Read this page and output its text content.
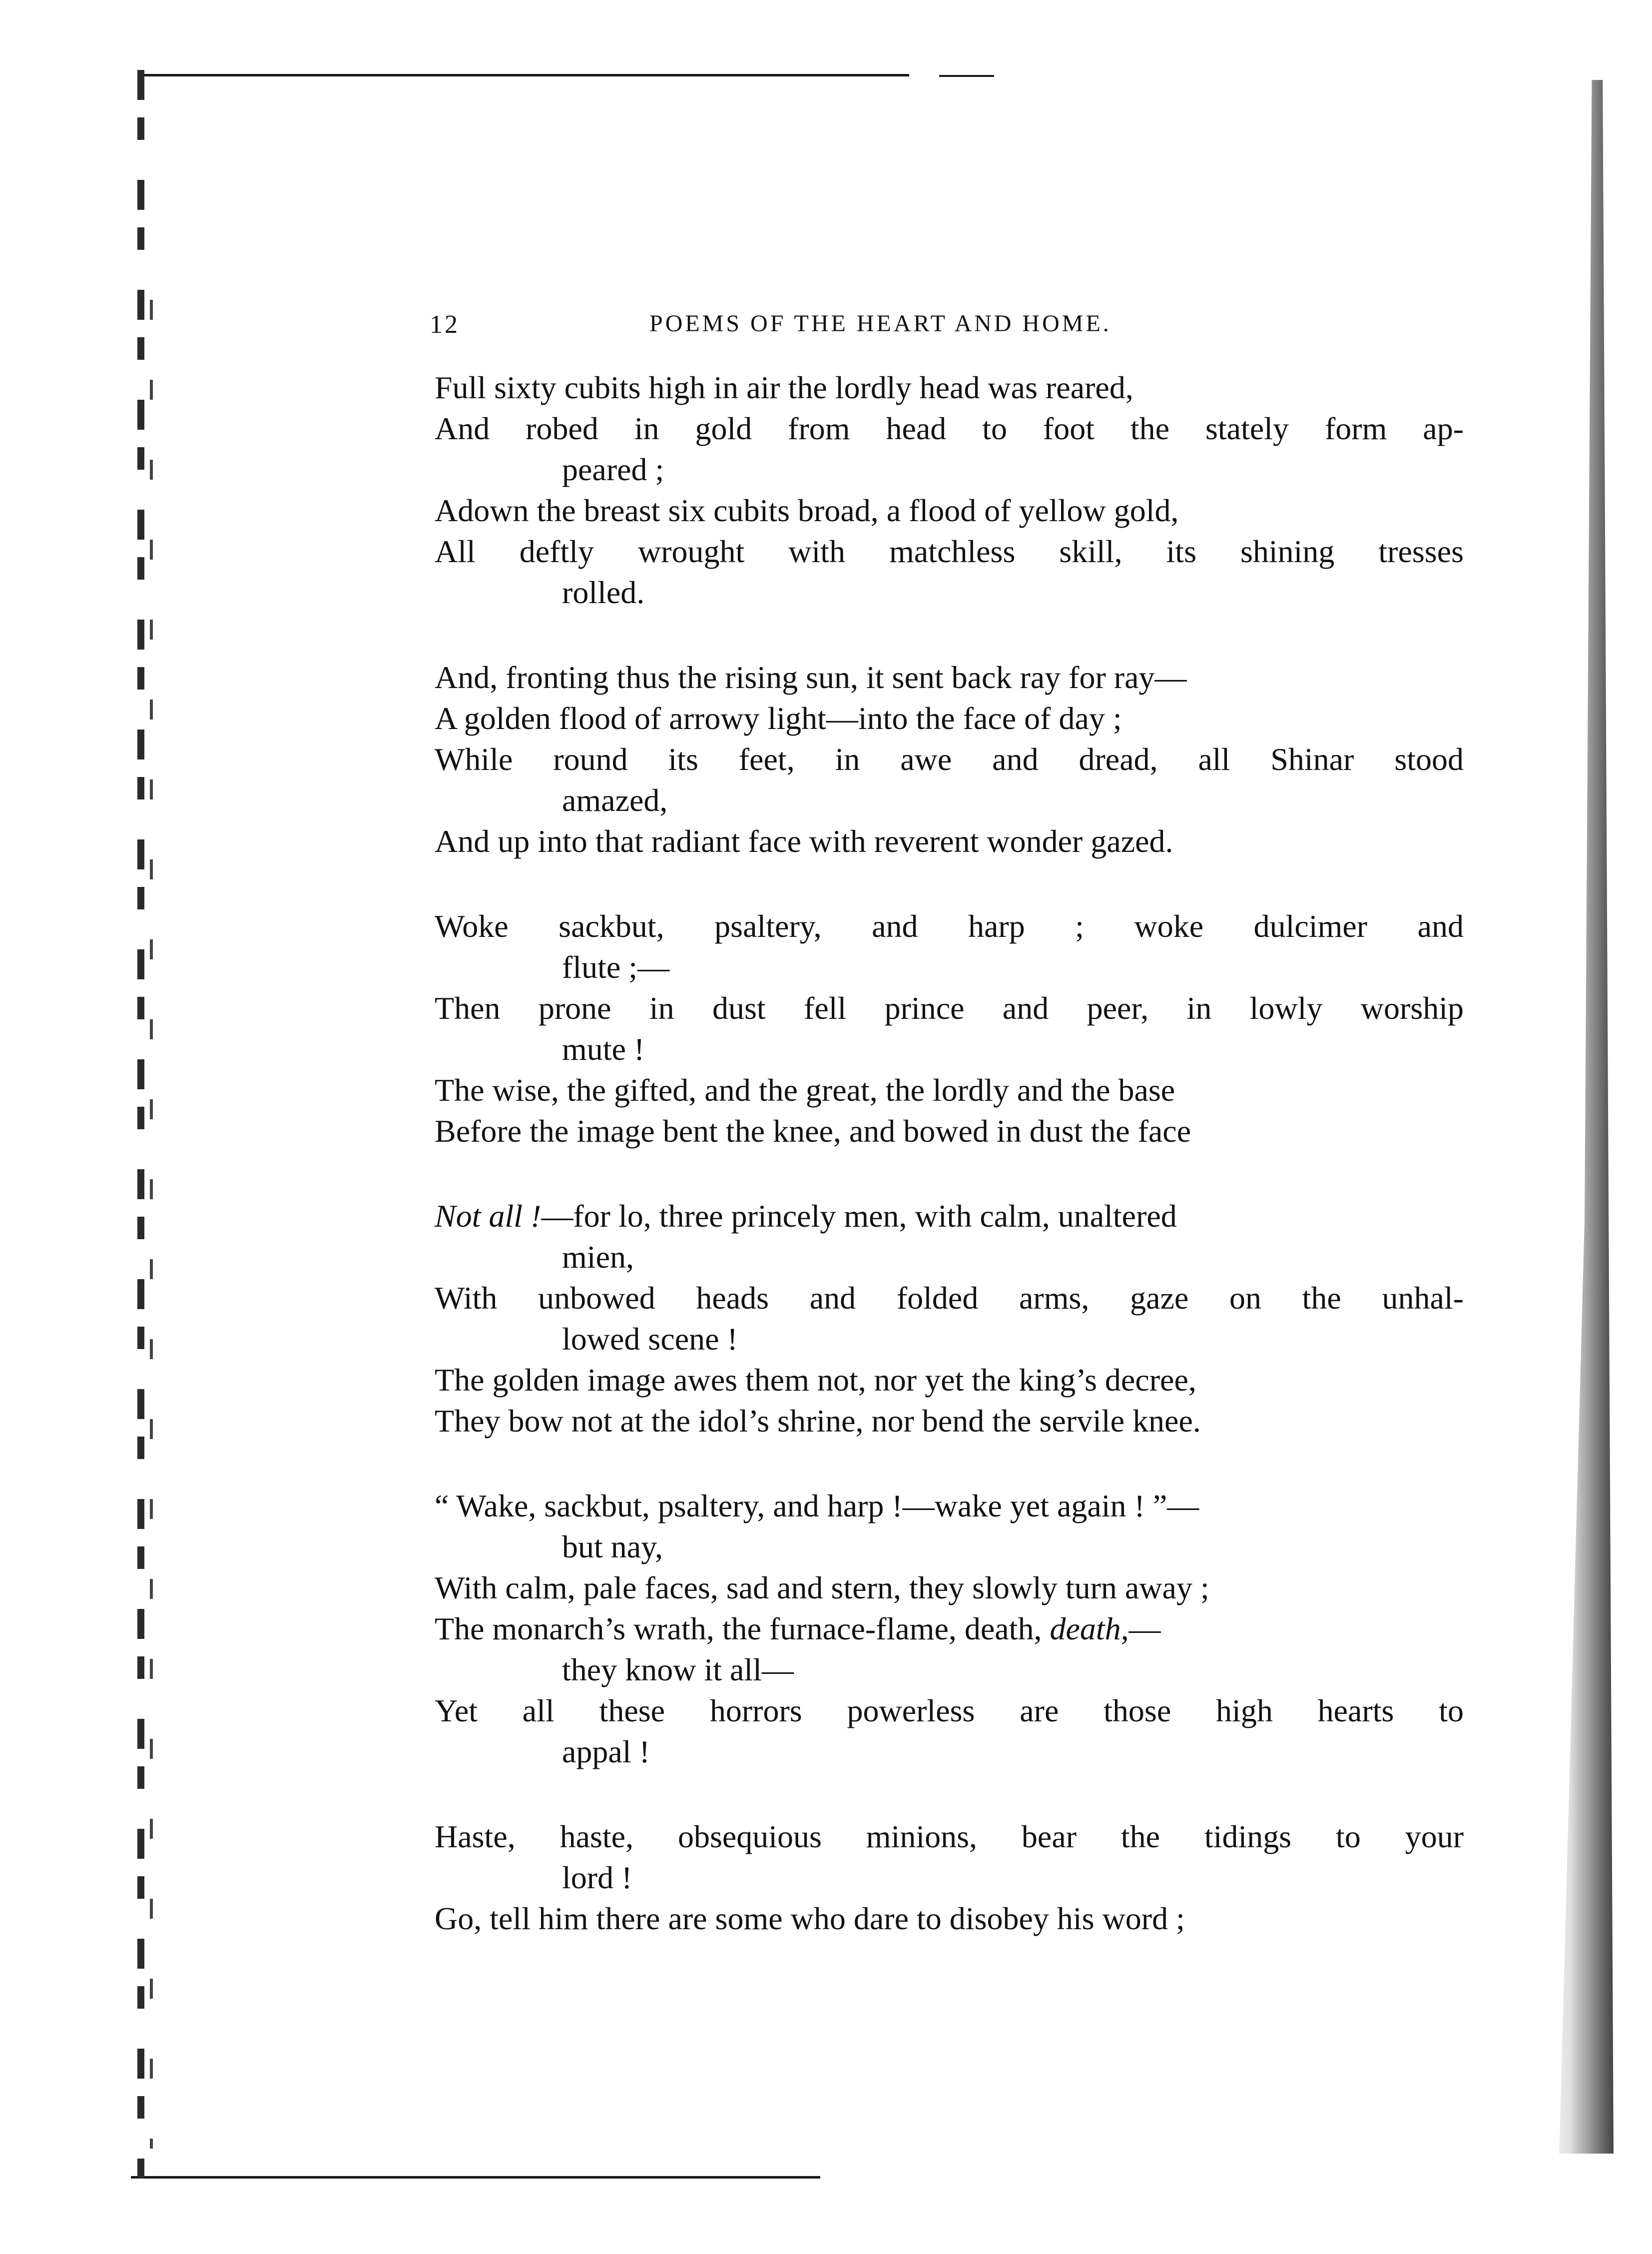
12	POEMS OF THE HEART AND HOME.
Full sixty cubits high in air the lordly head was reared,
And robed in gold from head to foot the stately form ap-
peared ;
Adown the breast six cubits broad, a flood of yellow gold,
All deftly wrought with matchless skill, its shining tresses
rolled.
And, fronting thus the rising sun, it sent back ray for ray—
A golden flood of arrowy light—into the face of day ;
While round its feet, in awe and dread, all Shinar stood
amazed,
And up into that radiant face with reverent wonder gazed.
Woke sackbut, psaltery, and harp ; woke dulcimer and
flute ;—
Then prone in dust fell prince and peer, in lowly worship
mute !
The wise, the gifted, and the great, the lordly and the base
Before the image bent the knee, and bowed in dust the face
Not all !—for lo, three princely men, with calm, unaltered
mien,
With unbowed heads and folded arms, gaze on the unhal-
lowed scene !
The golden image awes them not, nor yet the king’s decree,
They bow not at the idol’s shrine, nor bend the servile knee.
“ Wake, sackbut, psaltery, and harp !—wake yet again ! ”—
but nay,
With calm, pale faces, sad and stern, they slowly turn away ;
The monarch’s wrath, the furnace-flame, death, death,—
they know it all—
Yet all these horrors powerless are those high hearts to
appal !
Haste, haste, obsequious minions, bear the tidings to your
lord !
Go, tell him there are some who dare to disobey his word ;
